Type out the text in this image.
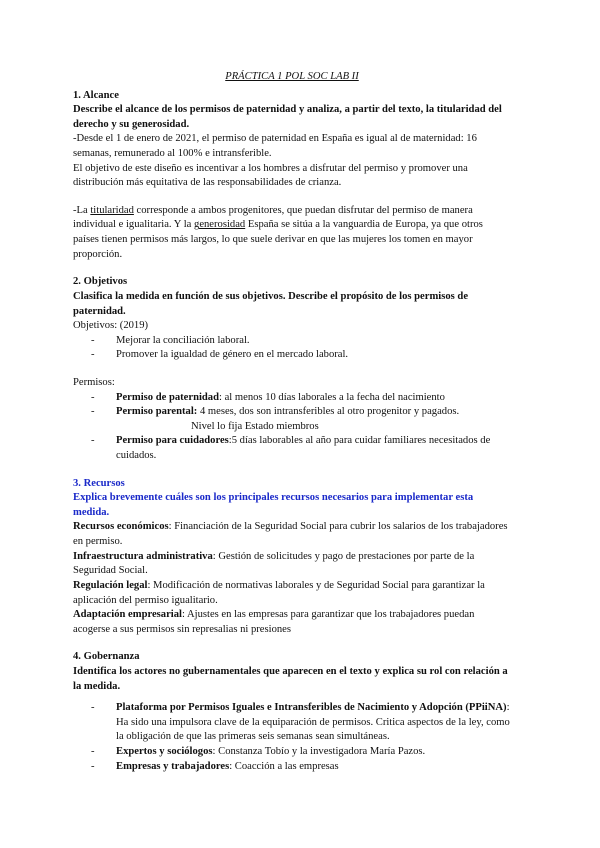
PRÁCTICA 1 POL SOC LAB II

1. Alcance

Describe el alcance de los permisos de paternidad y analiza, a partir del texto, la titularidad del derecho y su generosidad.

-Desde el 1 de enero de 2021, el permiso de paternidad en España es igual al de maternidad: 16 semanas, remunerado al 100% e intransferible.

El objetivo de este diseño es incentivar a los hombres a disfrutar del permiso y promover una distribución más equitativa de las responsabilidades de crianza.

-La titularidad corresponde a ambos progenitores, que puedan disfrutar del permiso de manera individual e igualitaria. Y la generosidad España se sitúa a la vanguardia de Europa, ya que otros países tienen permisos más largos, lo que suele derivar en que las mujeres los tomen en mayor proporción.

2. Objetivos

Clasifica la medida en función de sus objetivos. Describe el propósito de los permisos de paternidad.

Objetivos: (2019)

- Mejorar la conciliación laboral.
- Promover la igualdad de género en el mercado laboral.

Permisos:

- Permiso de paternidad: al menos 10 días laborales a la fecha del nacimiento
- Permiso parental: 4 meses, dos son intransferibles al otro progenitor y pagados.

Nivel lo fija Estado miembros

- Permiso para cuidadores:5 días laborables al año para cuidar familiares necesitados de cuidados.

3. Recursos

Explica brevemente cuáles son los principales recursos necesarios para implementar esta medida.

Recursos económicos: Financiación de la Seguridad Social para cubrir los salarios de los trabajadores en permiso.

Infraestructura administrativa: Gestión de solicitudes y pago de prestaciones por parte de la Seguridad Social.

Regulación legal: Modificación de normativas laborales y de Seguridad Social para garantizar la aplicación del permiso igualitario.

Adaptación empresarial: Ajustes en las empresas para garantizar que los trabajadores puedan acogerse a sus permisos sin represalias ni presiones

4. Gobernanza

Identifica los actores no gubernamentales que aparecen en el texto y explica su rol con relación a la medida.

- Plataforma por Permisos Iguales e Intransferibles de Nacimiento y Adopción (PPiiNA): Ha sido una impulsora clave de la equiparación de permisos. Critica aspectos de la ley, como la obligación de que las primeras seis semanas sean simultáneas.
- Expertos y sociólogos: Constanza Tobío y la investigadora María Pazos.
- Empresas y trabajadores: Coacción a las empresas
